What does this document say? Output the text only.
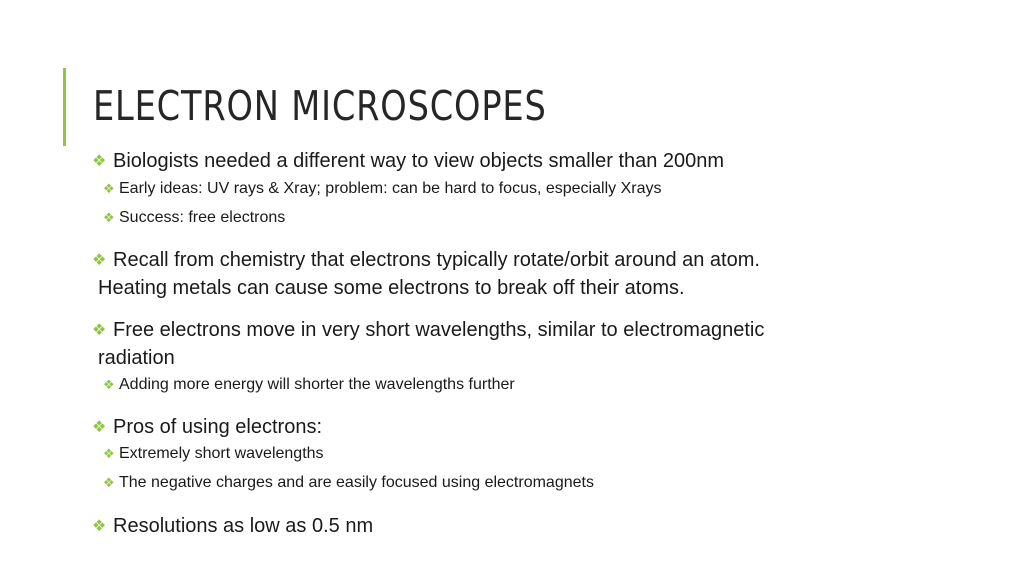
ELECTRON MICROSCOPES
❖ Biologists needed a different way to view objects smaller than 200nm
❖ Early ideas: UV rays & Xray; problem: can be hard to focus, especially Xrays
❖ Success: free electrons
❖ Recall from chemistry that electrons typically rotate/orbit around an atom.
Heating metals can cause some electrons to break off their atoms.
❖ Free electrons move in very short wavelengths, similar to electromagnetic
radiation
❖ Adding more energy will shorter the wavelengths further
❖ Pros of using electrons:
❖ Extremely short wavelengths
❖ The negative charges and are easily focused using electromagnets
❖ Resolutions as low as 0.5 nm
